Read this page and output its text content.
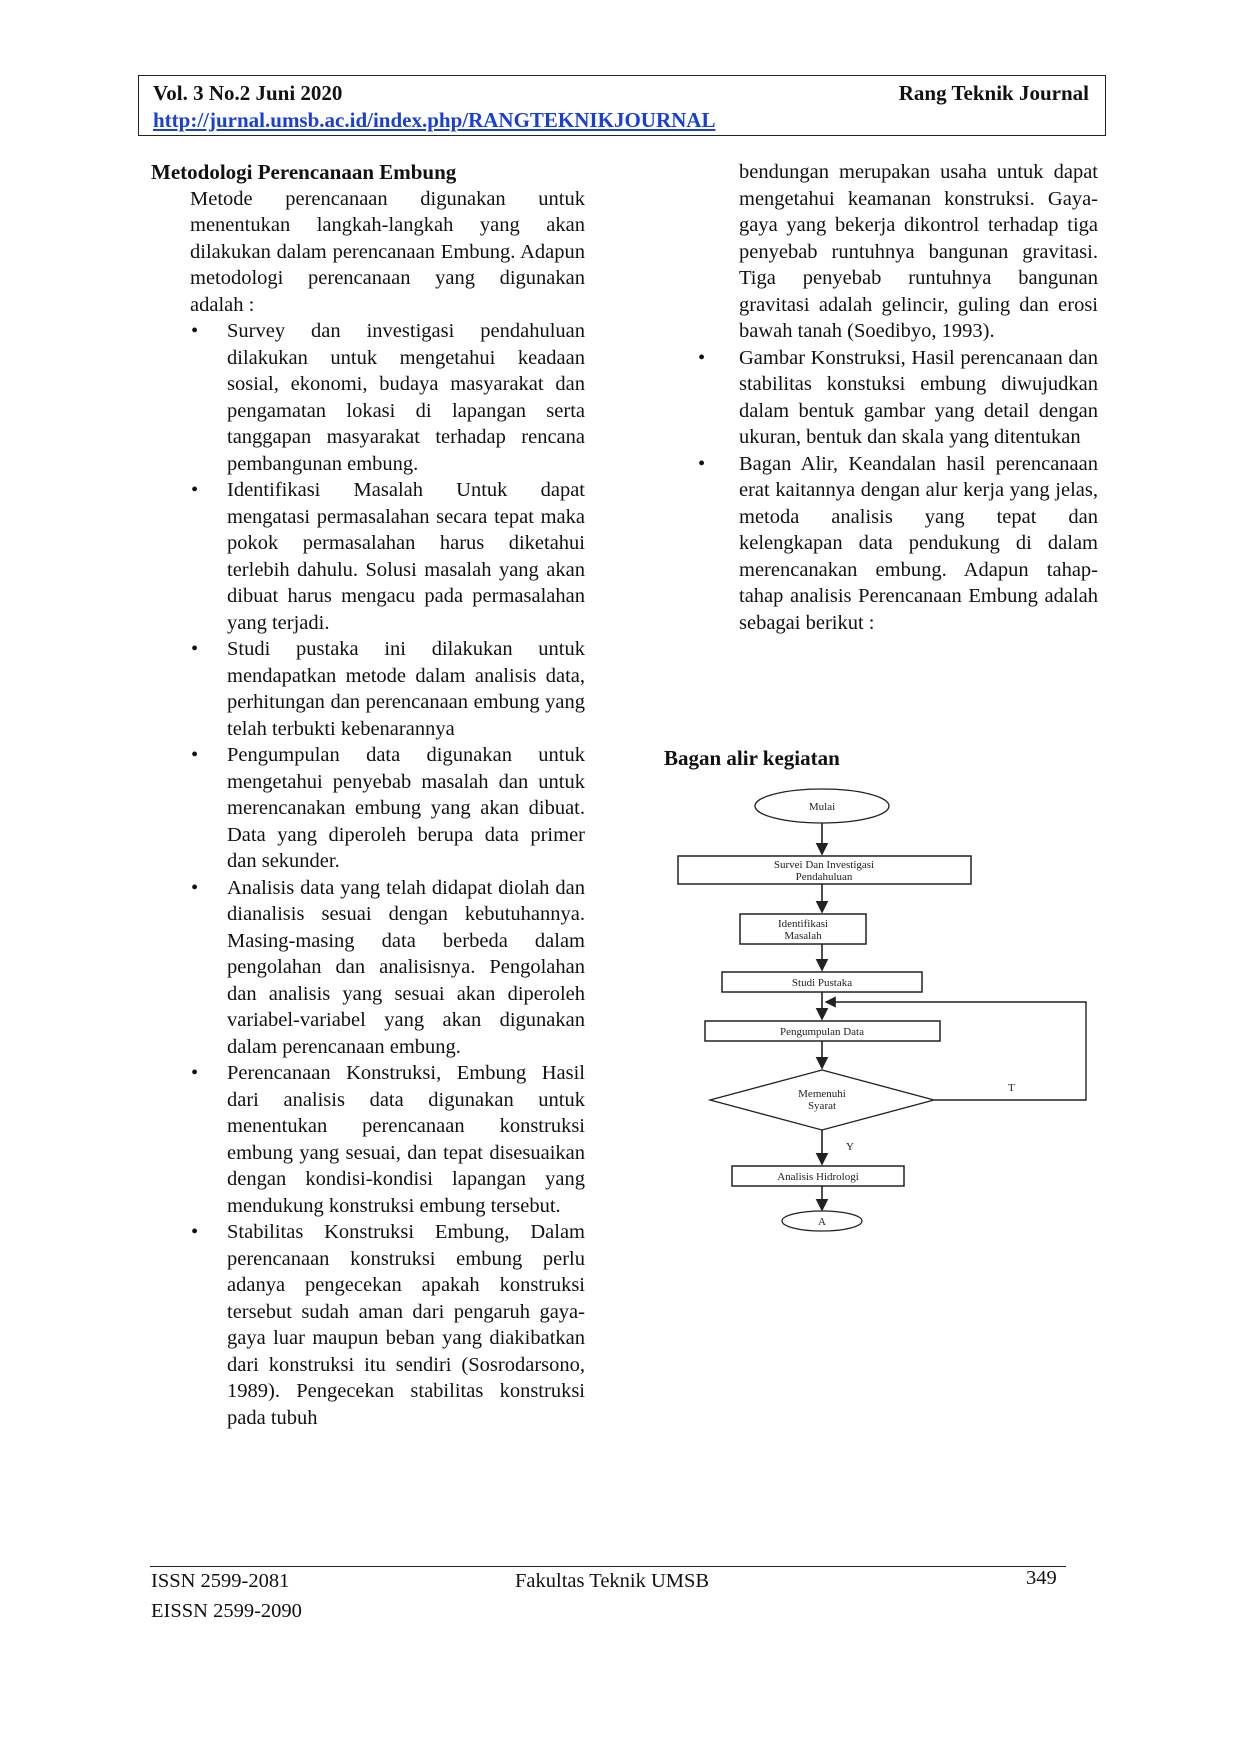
Vol. 3 No.2 Juni 2020	Rang Teknik Journal
http://jurnal.umsb.ac.id/index.php/RANGTEKNIKJOURNAL
Metodologi Perencanaan Embung
Metode perencanaan digunakan untuk menentukan langkah-langkah yang akan dilakukan dalam perencanaan Embung. Adapun metodologi perencanaan yang digunakan adalah :
• Survey dan investigasi pendahuluan dilakukan untuk mengetahui keadaan sosial, ekonomi, budaya masyarakat dan pengamatan lokasi di lapangan serta tanggapan masyarakat terhadap rencana pembangunan embung.
• Identifikasi Masalah Untuk dapat mengatasi permasalahan secara tepat maka pokok permasalahan harus diketahui terlebih dahulu. Solusi masalah yang akan dibuat harus mengacu pada permasalahan yang terjadi.
• Studi pustaka ini dilakukan untuk mendapatkan metode dalam analisis data, perhitungan dan perencanaan embung yang telah terbukti kebenarannya
• Pengumpulan data digunakan untuk mengetahui penyebab masalah dan untuk merencanakan embung yang akan dibuat. Data yang diperoleh berupa data primer dan sekunder.
• Analisis data yang telah didapat diolah dan dianalisis sesuai dengan kebutuhannya. Masing-masing data berbeda dalam pengolahan dan analisisnya. Pengolahan dan analisis yang sesuai akan diperoleh variabel-variabel yang akan digunakan dalam perencanaan embung.
• Perencanaan Konstruksi, Embung Hasil dari analisis data digunakan untuk menentukan perencanaan konstruksi embung yang sesuai, dan tepat disesuaikan dengan kondisi-kondisi lapangan yang mendukung konstruksi embung tersebut.
• Stabilitas Konstruksi Embung, Dalam perencanaan konstruksi embung perlu adanya pengecekan apakah konstruksi tersebut sudah aman dari pengaruh gaya-gaya luar maupun beban yang diakibatkan dari konstruksi itu sendiri (Sosrodarsono, 1989). Pengecekan stabilitas konstruksi pada tubuh
bendungan merupakan usaha untuk dapat mengetahui keamanan konstruksi. Gaya-gaya yang bekerja dikontrol terhadap tiga penyebab runtuhnya bangunan gravitasi. Tiga penyebab runtuhnya bangunan gravitasi adalah gelincir, guling dan erosi bawah tanah (Soedibyo, 1993).
• Gambar Konstruksi, Hasil perencanaan dan stabilitas konstuksi embung diwujudkan dalam bentuk gambar yang detail dengan ukuran, bentuk dan skala yang ditentukan
• Bagan Alir, Keandalan hasil perencanaan erat kaitannya dengan alur kerja yang jelas, metoda analisis yang tepat dan kelengkapan data pendukung di dalam merencanakan embung. Adapun tahap- tahap analisis Perencanaan Embung adalah sebagai berikut :
Bagan alir kegiatan
Mulai
Survei Dan Investigasi
Pendahuluan
Identifikasi
Masalah
Studi Pustaka
Pengumpulan Data
Memenuhi
Syarat
T
Y
Analisis Hidrologi
A
ISSN 2599-2081
EISSN 2599-2090
Fakultas Teknik UMSB	349
